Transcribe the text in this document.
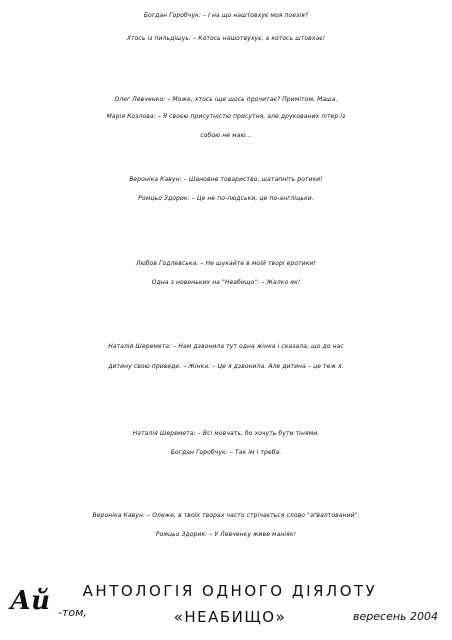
Богдан Горобчук: – І на що наштовхує моя поезія?
Хтось із пильдішуь: – Котось нашотвухує, а котось штовхає!
Олег Левченко: – Може, хтось іще щось прочитає? Примітом, Маша.
Марія Козлова: – Я своєю присутністю присутня, але друкованих літер із
собою не маю...
Вероніка Кавун: – Шановне товариство, шатапніть ротики!
Ромцьо Здорик: – Це не по-людськи, це по-англіцьки.
Любов Годлевська: – Не шукайте в моїй творі еротики!
Одна з новеньких на "Неабищо": – Жалко як!
Наталія Шеремета: – Нам дзвонила тут одна жінка і сказала, що до нас
дитину свою приведе. – Жінка: – Це я дзвонила. Але дитина – це теж я.
Наталія Шеремета: – Всі мовчать, бо хочуть бути тінями.
Богдан Горобчук: – Так їм і треба.
Вероніка Кавун: – Олеже, в твоїх творах часто стрічається слово "зґвалтований".
Ромцьо Здорик: – У Левченку живе маніяк!
Ай -том,
АНТОЛОГІЯ ОДНОГО ДІЯЛОТУ
«НЕАБИЩО»	вересень 2004
